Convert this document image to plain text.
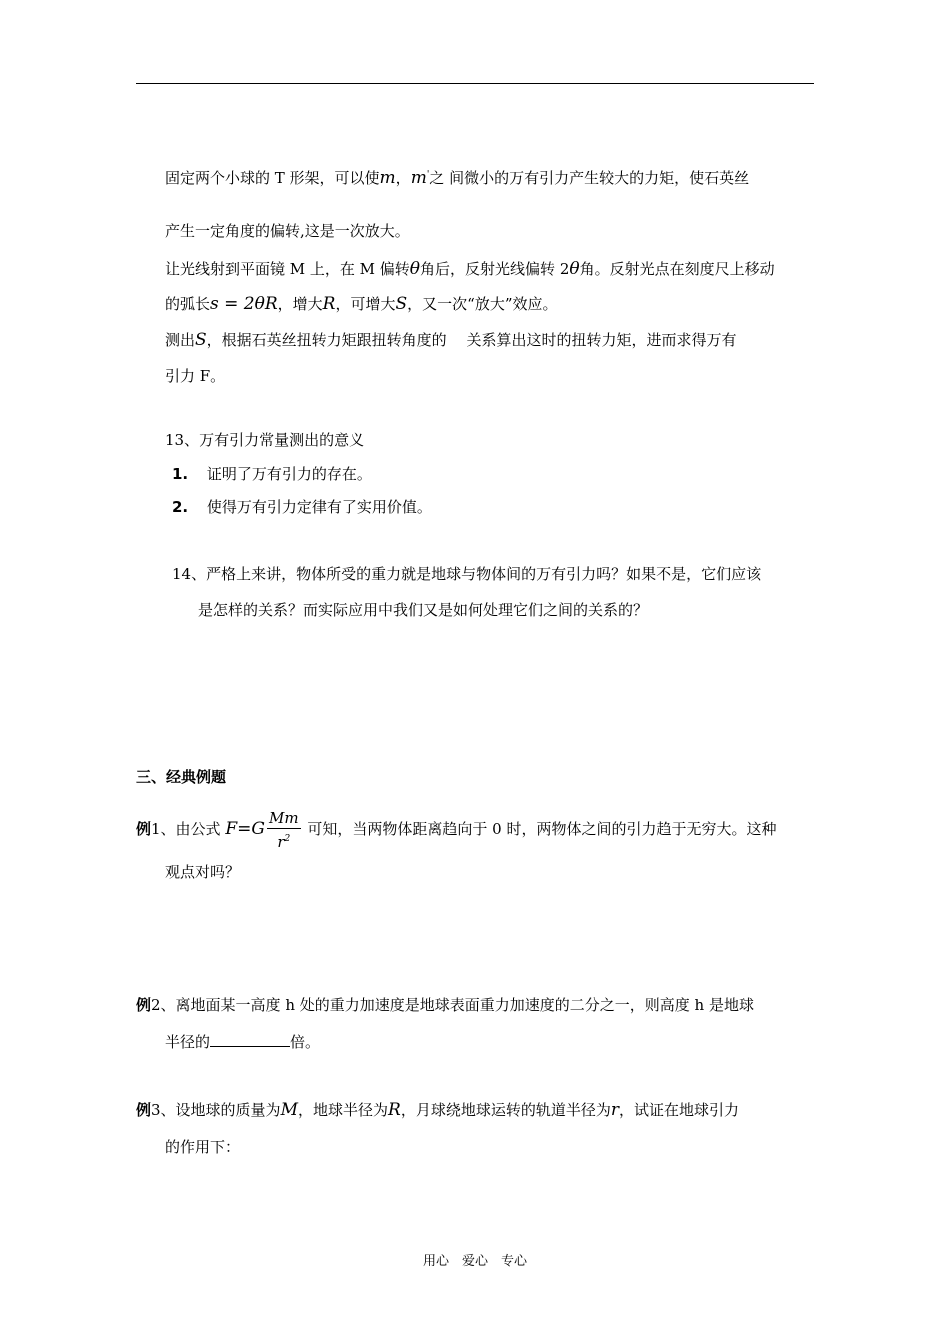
固定两个小球的 T 形架，可以使m，m'之 间微小的万有引力产生较大的力矩，使石英丝
产生一定角度的偏转,这是一次放大。
让光线射到平面镜 M 上，在 M 偏转θ角后，反射光线偏转 2θ角。反射光点在刻度尺上移动
的弧长s = 2θR，增大R，可增大S，又一次“放大”效应。
测出S，根据石英丝扭转力矩跟扭转角度的　 关系算出这时的扭转力矩，进而求得万有
引力 F。
13、万有引力常量测出的意义
1. 证明了万有引力的存在。
2. 使得万有引力定律有了实用价值。
14、严格上来讲，物体所受的重力就是地球与物体间的万有引力吗？如果不是，它们应该
是怎样的关系？而实际应用中我们又是如何处理它们之间的关系的？
三、经典例题
例1、由公式 $F=G \frac{Mm}{r^2}$ 可知，当两物体距离趋向于 0 时，两物体之间的引力趋于无穷大。这种
观点对吗？
例2、离地面某一高度 h 处的重力加速度是地球表面重力加速度的二分之一，则高度 h 是地球
半径的	倍。
例3、设地球的质量为M，地球半径为R，月球绕地球运转的轨道半径为r，试证在地球引力
的作用下：
用心　爱心　专心
